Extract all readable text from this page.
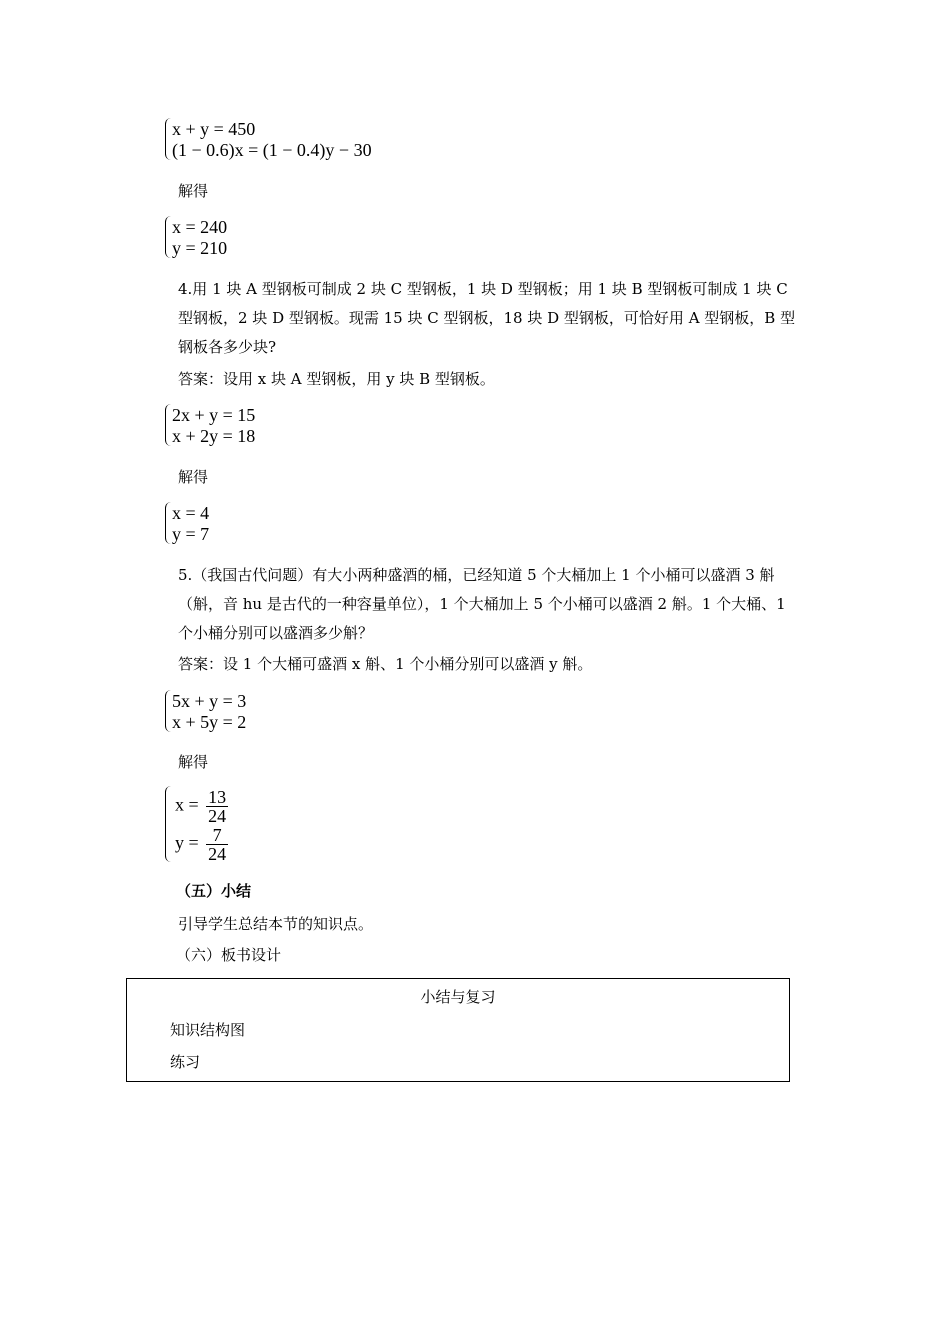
x + y = 450
(1 − 0.6)x = (1 − 0.4)y − 30
解得
x = 240
y = 210
4.用 1 块 A 型钢板可制成 2 块 C 型钢板，1 块 D 型钢板；用 1 块 B 型钢板可制成 1 块 C 型钢板，2 块 D 型钢板。现需 15 块 C 型钢板，18 块 D 型钢板，可恰好用 A 型钢板，B 型钢板各多少块?
答案：设用 x 块 A 型钢板，用 y 块 B 型钢板。
2x + y = 15
x + 2y = 18
解得
x = 4
y = 7
5.（我国古代问题）有大小两种盛酒的桶，已经知道 5 个大桶加上 1 个小桶可以盛酒 3 斛（斛，音 hu 是古代的一种容量单位），1 个大桶加上 5 个小桶可以盛酒 2 斛。1 个大桶、1 个小桶分别可以盛酒多少斛？
答案：设 1 个大桶可盛酒 x 斛、1 个小桶分别可以盛酒 y 斛。
5x + y = 3
x + 5y = 2
解得
$x = \frac{13}{24}$
$y = \frac{7}{24}$
（五）小结
引导学生总结本节的知识点。
（六）板书设计
小结与复习
知识结构图
练习
